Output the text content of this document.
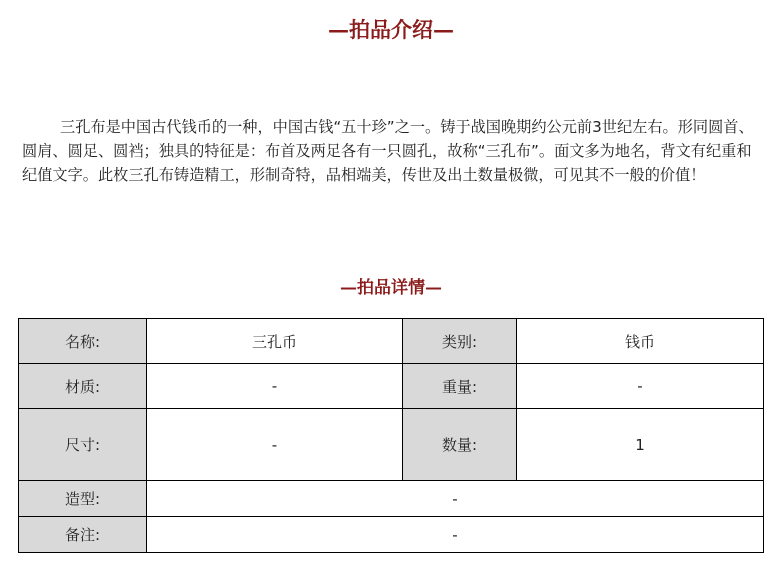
—拍品介绍—

三孔布是中国古代钱币的一种，中国古钱“五十珍”之一。铸于战国晚期约公元前3世纪左右。形同圆首、圆肩、圆足、圆裆；独具的特征是：布首及两足各有一只圆孔，故称“三孔布”。面文多为地名，背文有纪重和纪值文字。此枚三孔布铸造精工，形制奇特，品相端美，传世及出土数量极微，可见其不一般的价值！

—拍品详情—
名称:	三孔币	类别:	钱币
材质:	-	重量:	-
尺寸:	-	数量:	1
造型:	-		
备注:	-		
